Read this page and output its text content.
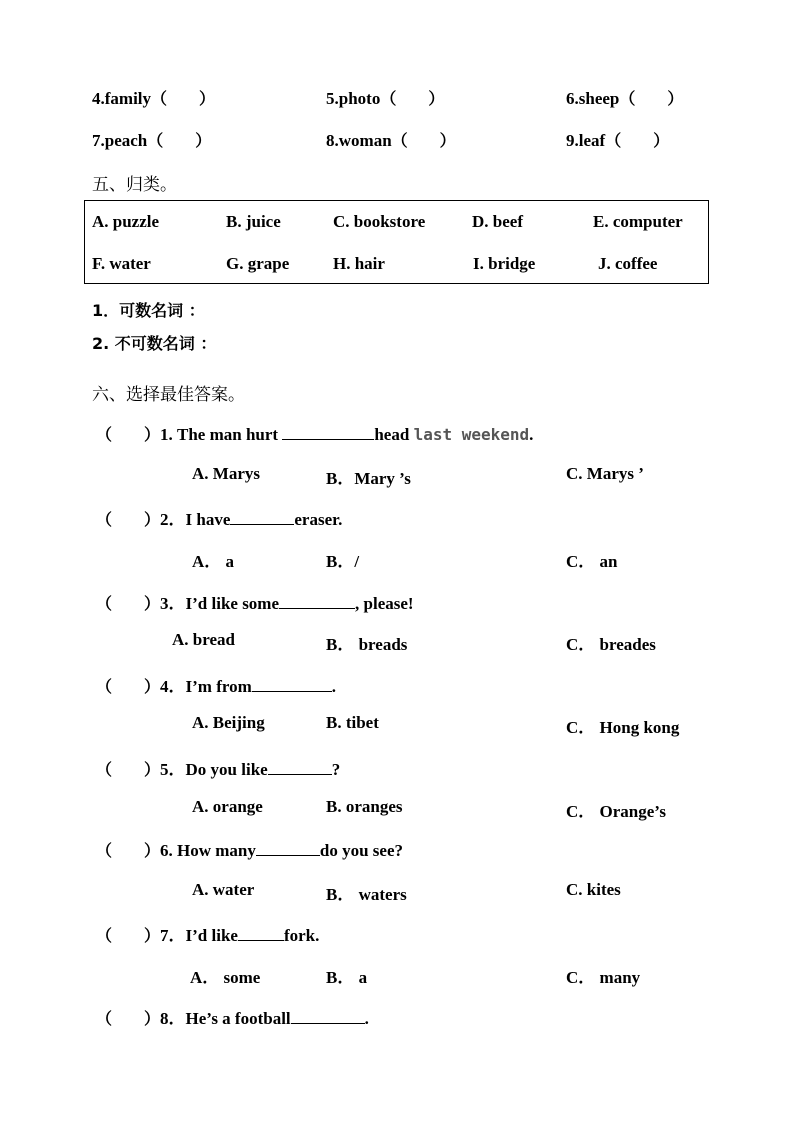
4.family（　　）	5.photo（　　）	6.sheep（　　）
7.peach（　　）	8.woman（　　）	9.leaf（　　）
五、归类。
A. puzzle	B. juice	C. bookstore	D. beef	E. computer
F. water	G. grape	H. hair	I. bridge	J. coffee
1．可数名词 ：
2. 不可数名词 ：
六、选择最佳答案。
（　　）1. The man hurt	head last weekend.
A. Marys	B．Mary ’s	C. Marys ’
（　　）2．I have	eraser.
A． a	B．/	C． an
（　　）3．I’d like some	, please!
A. bread	B． breads	C． breades
（　　）4．I’m from	.
A. Beijing	B. tibet	C． Hong kong
（　　）5．Do you like	?
A. orange	B. oranges	C． Orange’s
（　　）6. How many	do you see?
A. water	B． waters	C. kites
（　　）7．I’d like	fork.
A． some	B． a	C． many
（　　）8．He’s a football	.
